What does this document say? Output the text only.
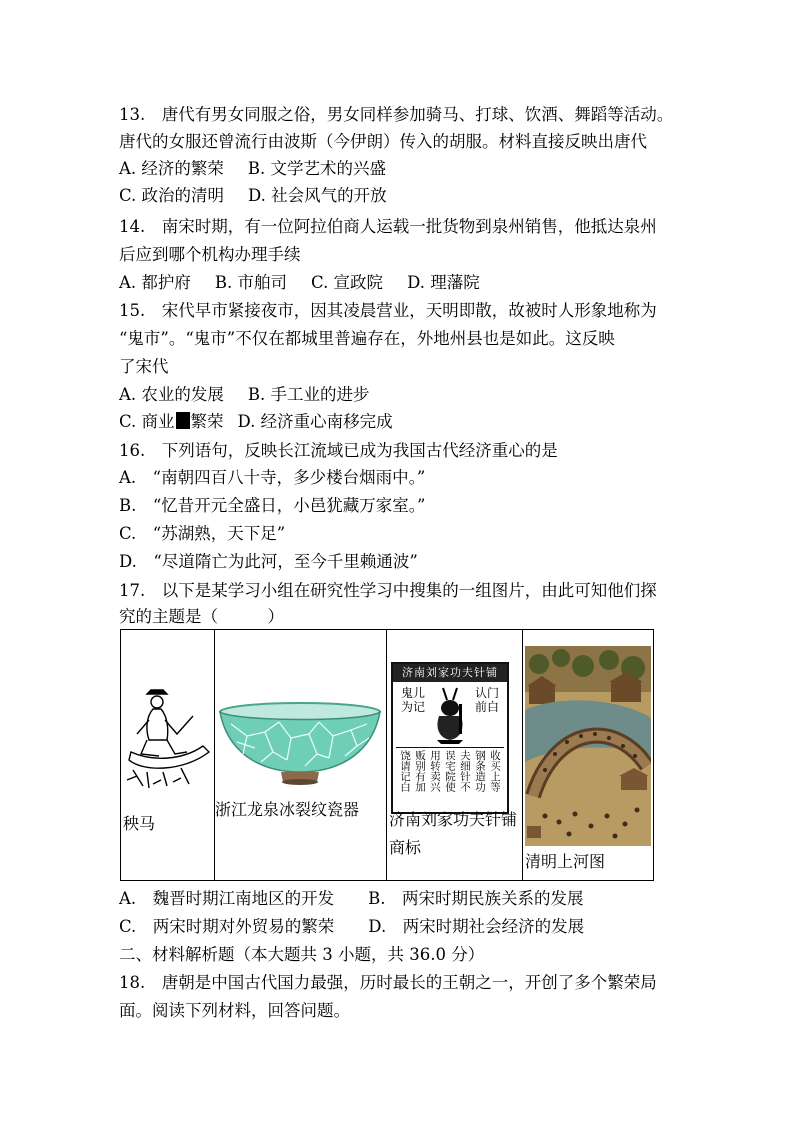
13.　唐代有男女同服之俗，男女同样参加骑马、打球、饮酒、舞蹈等活动。
唐代的女服还曾流行由波斯（今伊朗）传入的胡服。材料直接反映出唐代
A. 经济的繁荣 B. 文学艺术的兴盛
C. 政治的清明 D. 社会风气的开放
14.　南宋时期，有一位阿拉伯商人运载一批货物到泉州销售，他抵达泉州
后应到哪个机构办理手续
A. 都护府 B. 市舶司 C. 宣政院 D. 理藩院
15.　宋代早市紧接夜市，因其凌晨营业，天明即散，故被时人形象地称为
“鬼市”。“鬼市”不仅在都城里普遍存在，外地州县也是如此。这反映
了宋代
A. 农业的发展 B. 手工业的进步
C. 商业 繁荣 D. 经济重心南移完成
16.　下列语句，反映长江流域已成为我国古代经济重心的是
A.　“南朝四百八十寺，多少楼台烟雨中。”
B.　“忆昔开元全盛日，小邑犹藏万家室。”
C.　“苏湖熟，天下足”
D.　“尽道隋亡为此河，至今千里赖通波”
17.　以下是某学习小组在研究性学习中搜集的一组图片，由此可知他们探
究的主题是（　　　）
秧马
浙江龙泉冰裂纹瓷器
济南刘家功夫针铺
鬼儿为记
认门前白
收买上等
钢条造功
夫细针不
误宅院使
用转卖兴
贩别有加
饶请记白
济南刘家功夫针铺商标
清明上河图
A.　魏晋时期江南地区的开发 B.　两宋时期民族关系的发展
C.　两宋时期对外贸易的繁荣 D.　两宋时期社会经济的发展
二、材料解析题（本大题共 3 小题，共 36.0 分）
18.　唐朝是中国古代国力最强，历时最长的王朝之一，开创了多个繁荣局
面。阅读下列材料，回答问题。
